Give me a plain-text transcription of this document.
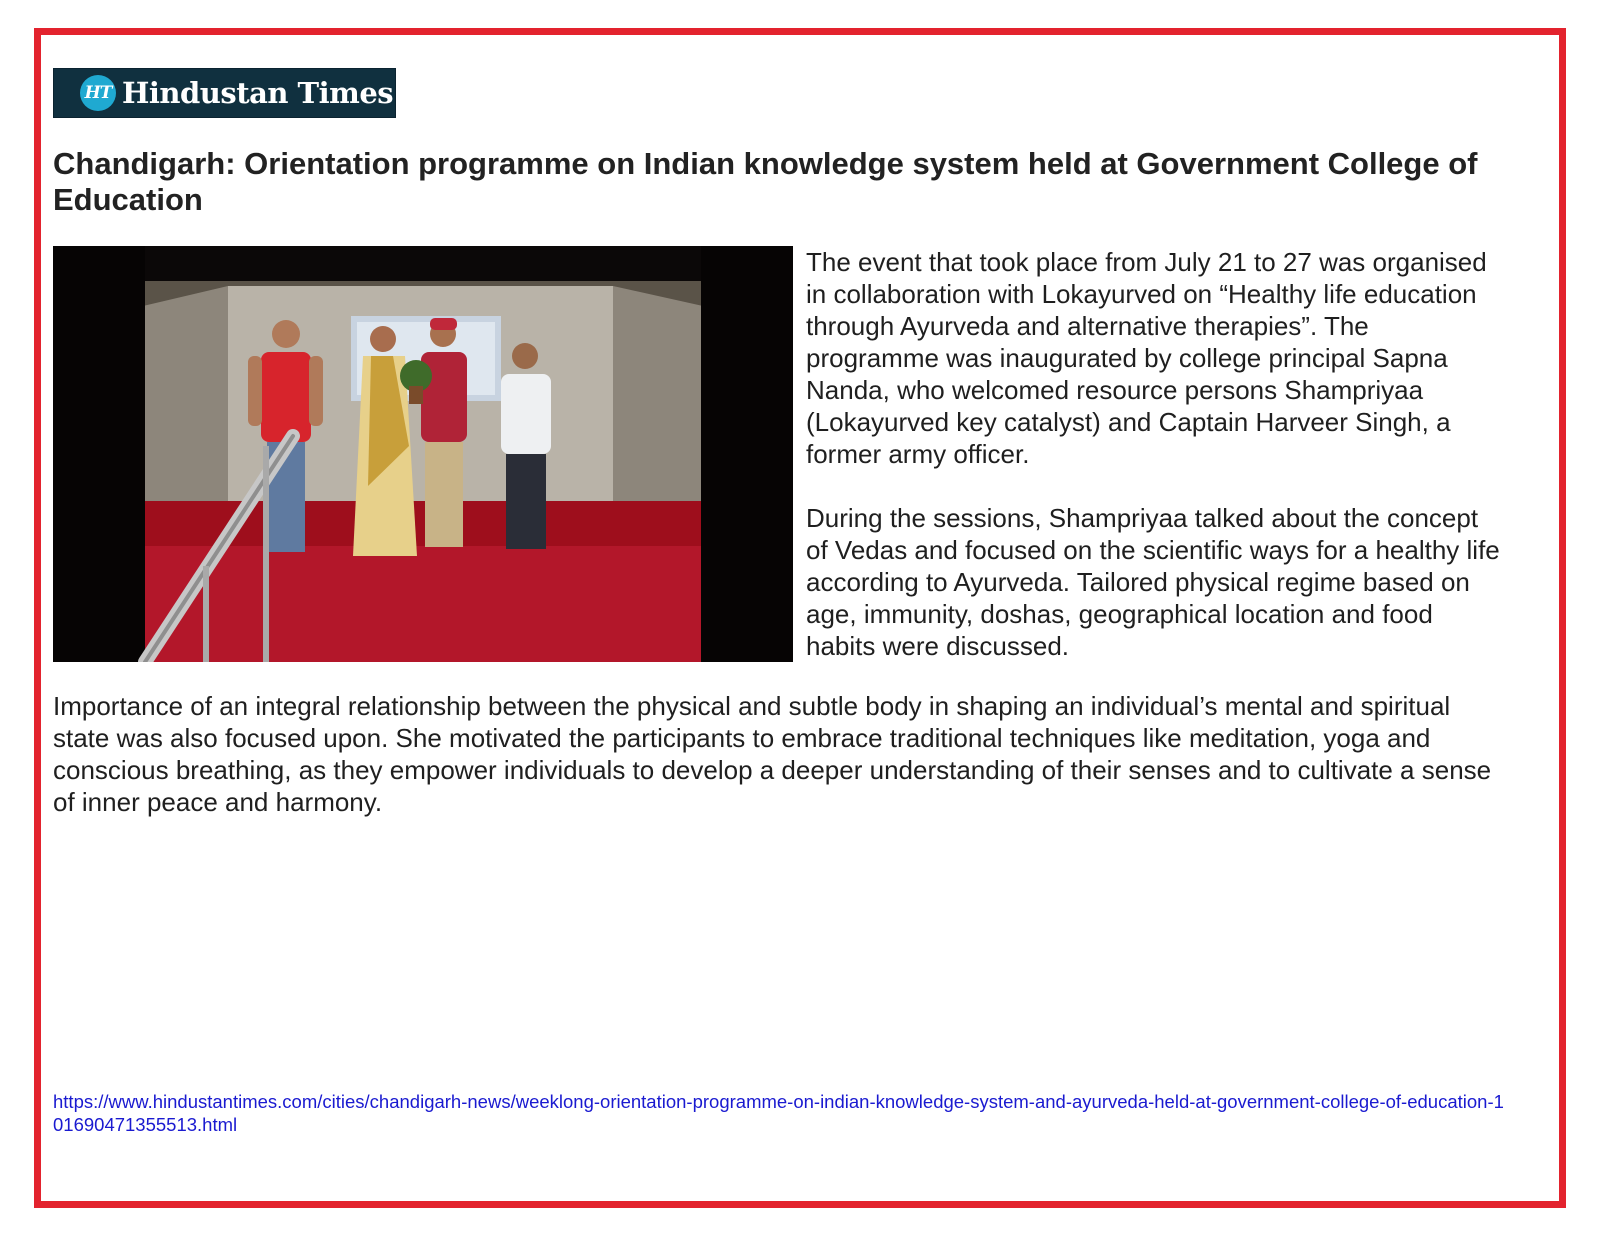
HT Hindustan Times
Chandigarh: Orientation programme on Indian knowledge system held at Government College of Education

The event that took place from July 21 to 27 was organised in collaboration with Lokayurved on “Healthy life education through Ayurveda and alternative therapies”. The programme was inaugurated by college principal Sapna Nanda, who welcomed resource persons Shampriyaa (Lokayurved key catalyst) and Captain Harveer Singh, a former army officer.

During the sessions, Shampriyaa talked about the concept of Vedas and focused on the scientific ways for a healthy life according to Ayurveda. Tailored physical regime based on age, immunity, doshas, geographical location and food habits were discussed.

Importance of an integral relationship between the physical and subtle body in shaping an individual’s mental and spiritual state was also focused upon. She motivated the participants to embrace traditional techniques like meditation, yoga and conscious breathing, as they empower individuals to develop a deeper understanding of their senses and to cultivate a sense of inner peace and harmony.

https://www.hindustantimes.com/cities/chandigarh-news/weeklong-orientation-programme-on-indian-knowledge-system-and-ayurveda-held-at-government-college-of-education-101690471355513.html
